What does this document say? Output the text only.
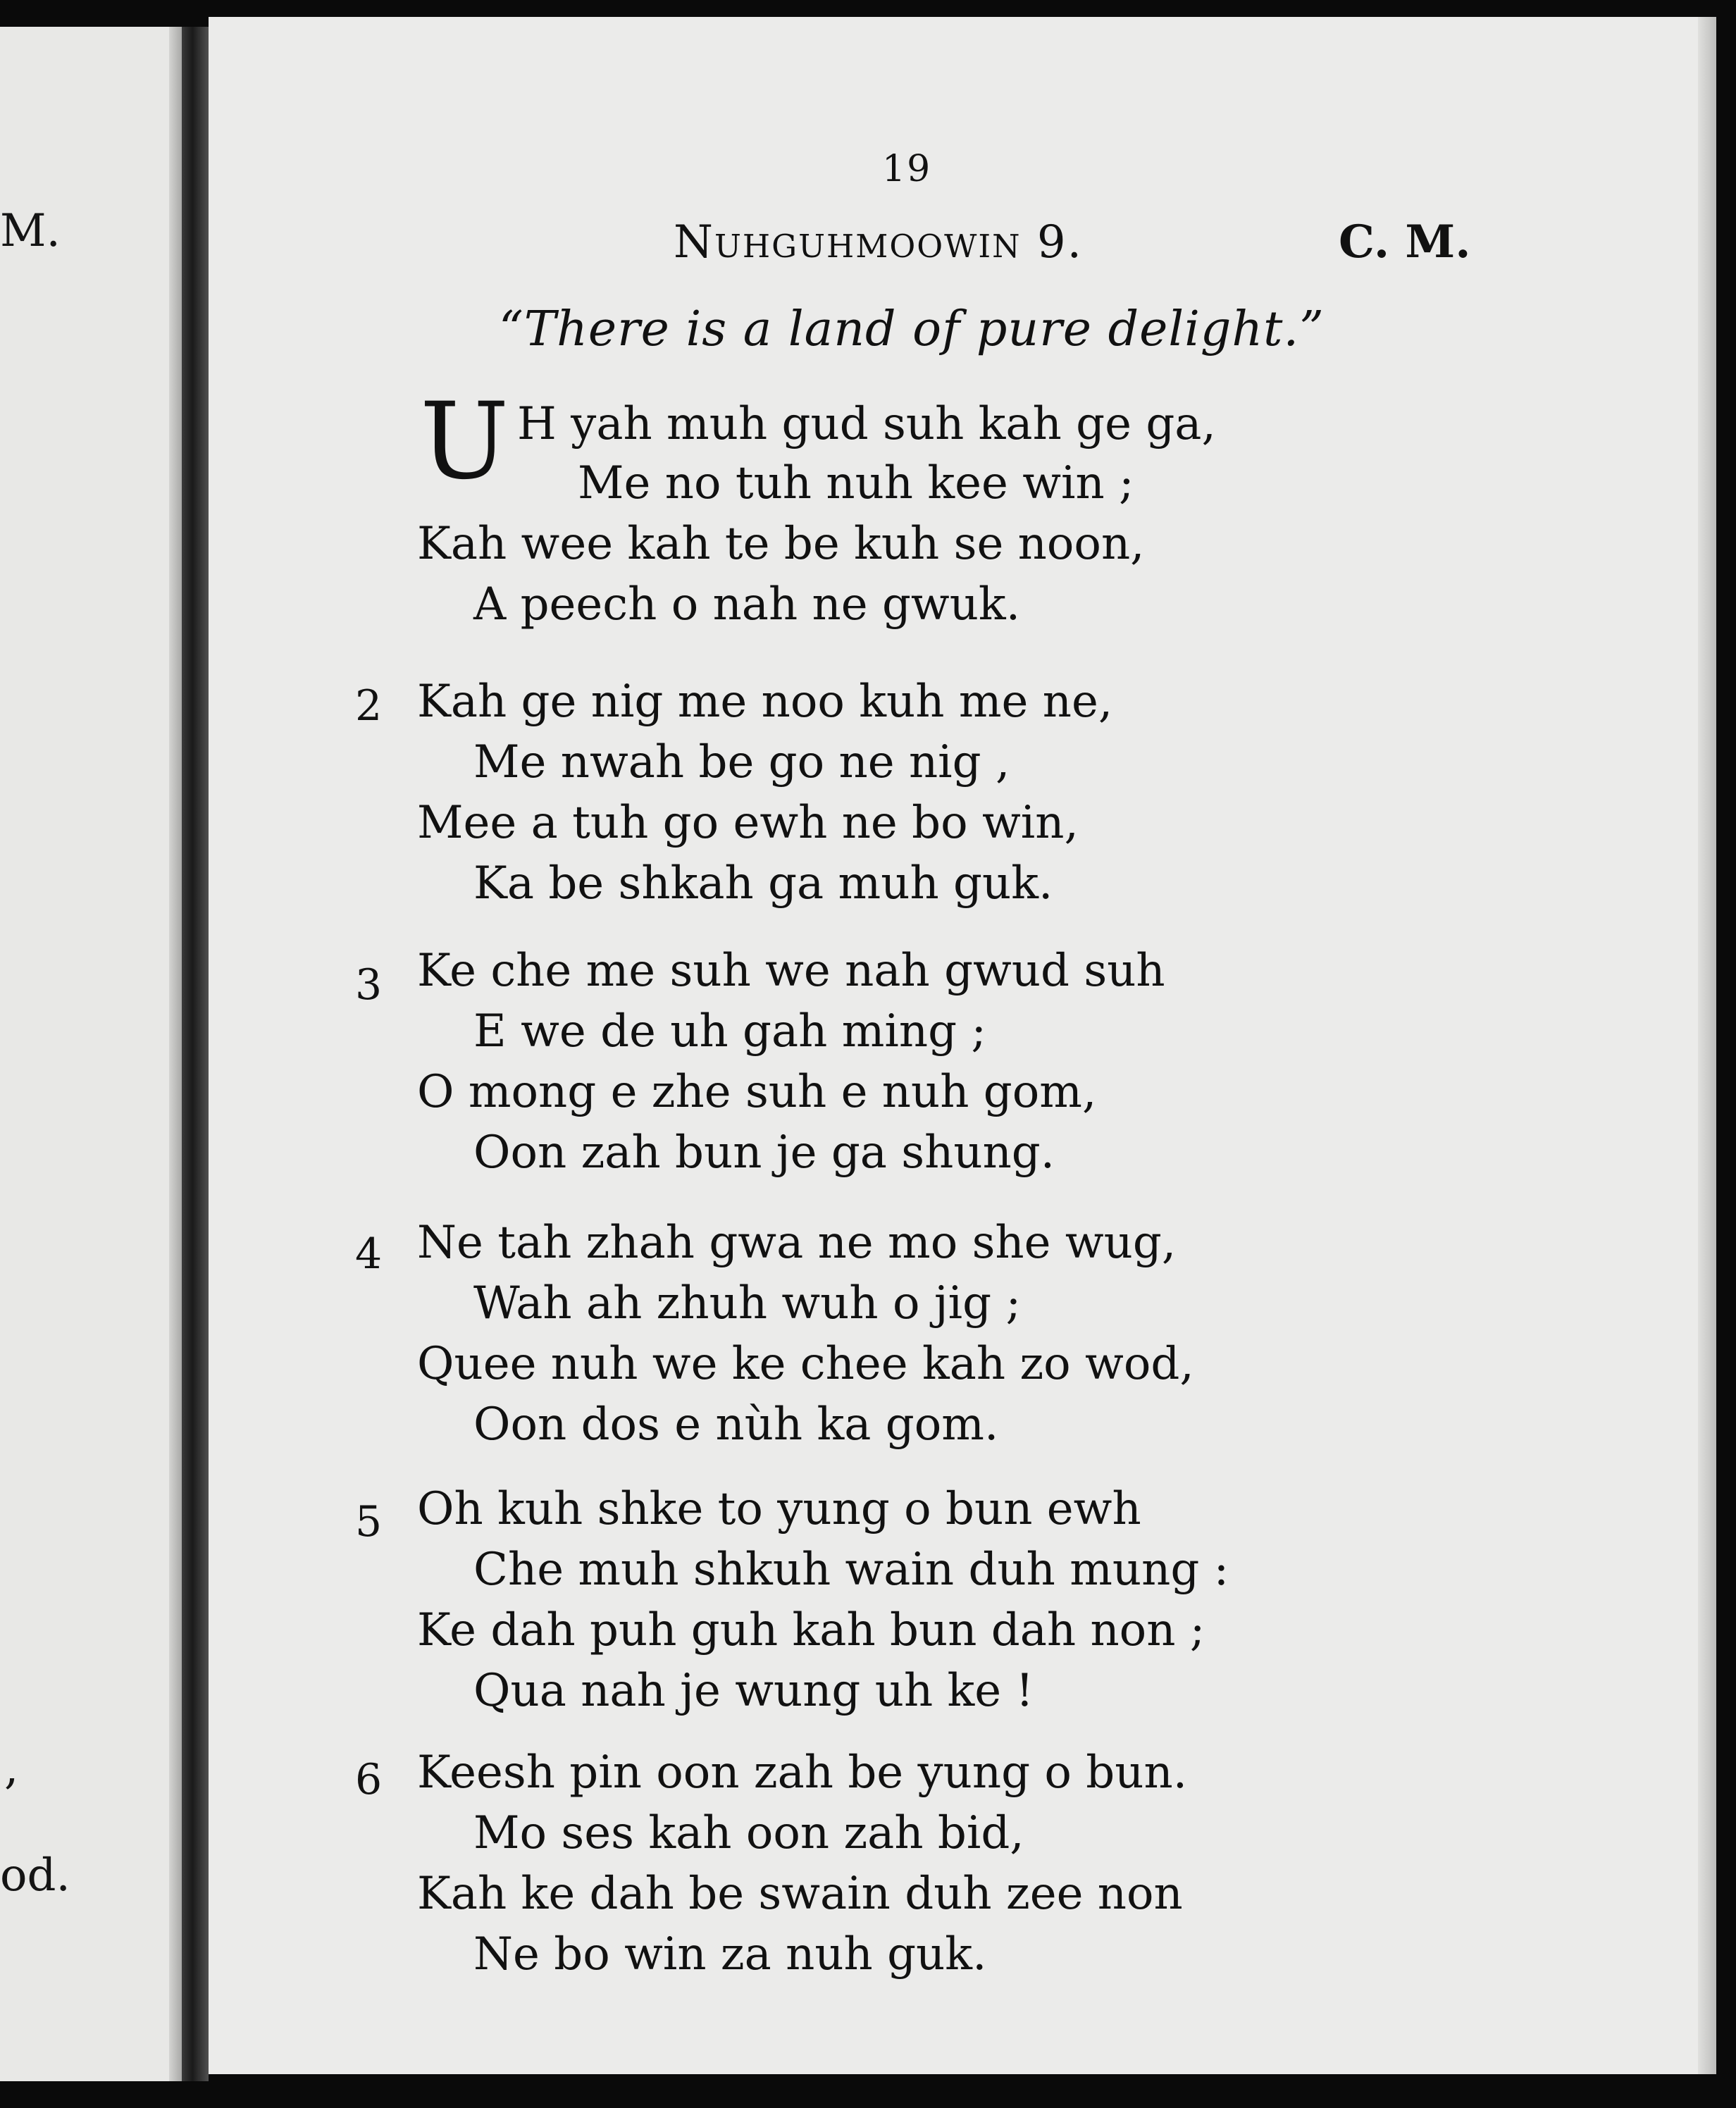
M.
,
od.
19
Nuhguhmoowin 9.	C. M.
“There is a land of pure delight.”
U H yah muh gud suh kah ge ga,
Me no tuh nuh kee win ;
Kah wee kah te be kuh se noon,
A peech o nah ne gwuk.
2 Kah ge nig me noo kuh me ne,
Me nwah be go ne nig ,
Mee a tuh go ewh ne bo win,
Ka be shkah ga muh guk.
3 Ke che me suh we nah gwud suh
E we de uh gah ming ;
O mong e zhe suh e nuh gom,
Oon zah bun je ga shung.
4 Ne tah zhah gwa ne mo she wug,
Wah ah zhuh wuh o jig ;
Quee nuh we ke chee kah zo wod,
Oon dos e nùh ka gom.
5 Oh kuh shke to yung o bun ewh
Che muh shkuh wain duh mung :
Ke dah puh guh kah bun dah non ;
Qua nah je wung uh ke !
6 Keesh pin oon zah be yung o bun.
Mo ses kah oon zah bid,
Kah ke dah be swain duh zee non
Ne bo win za nuh guk.
